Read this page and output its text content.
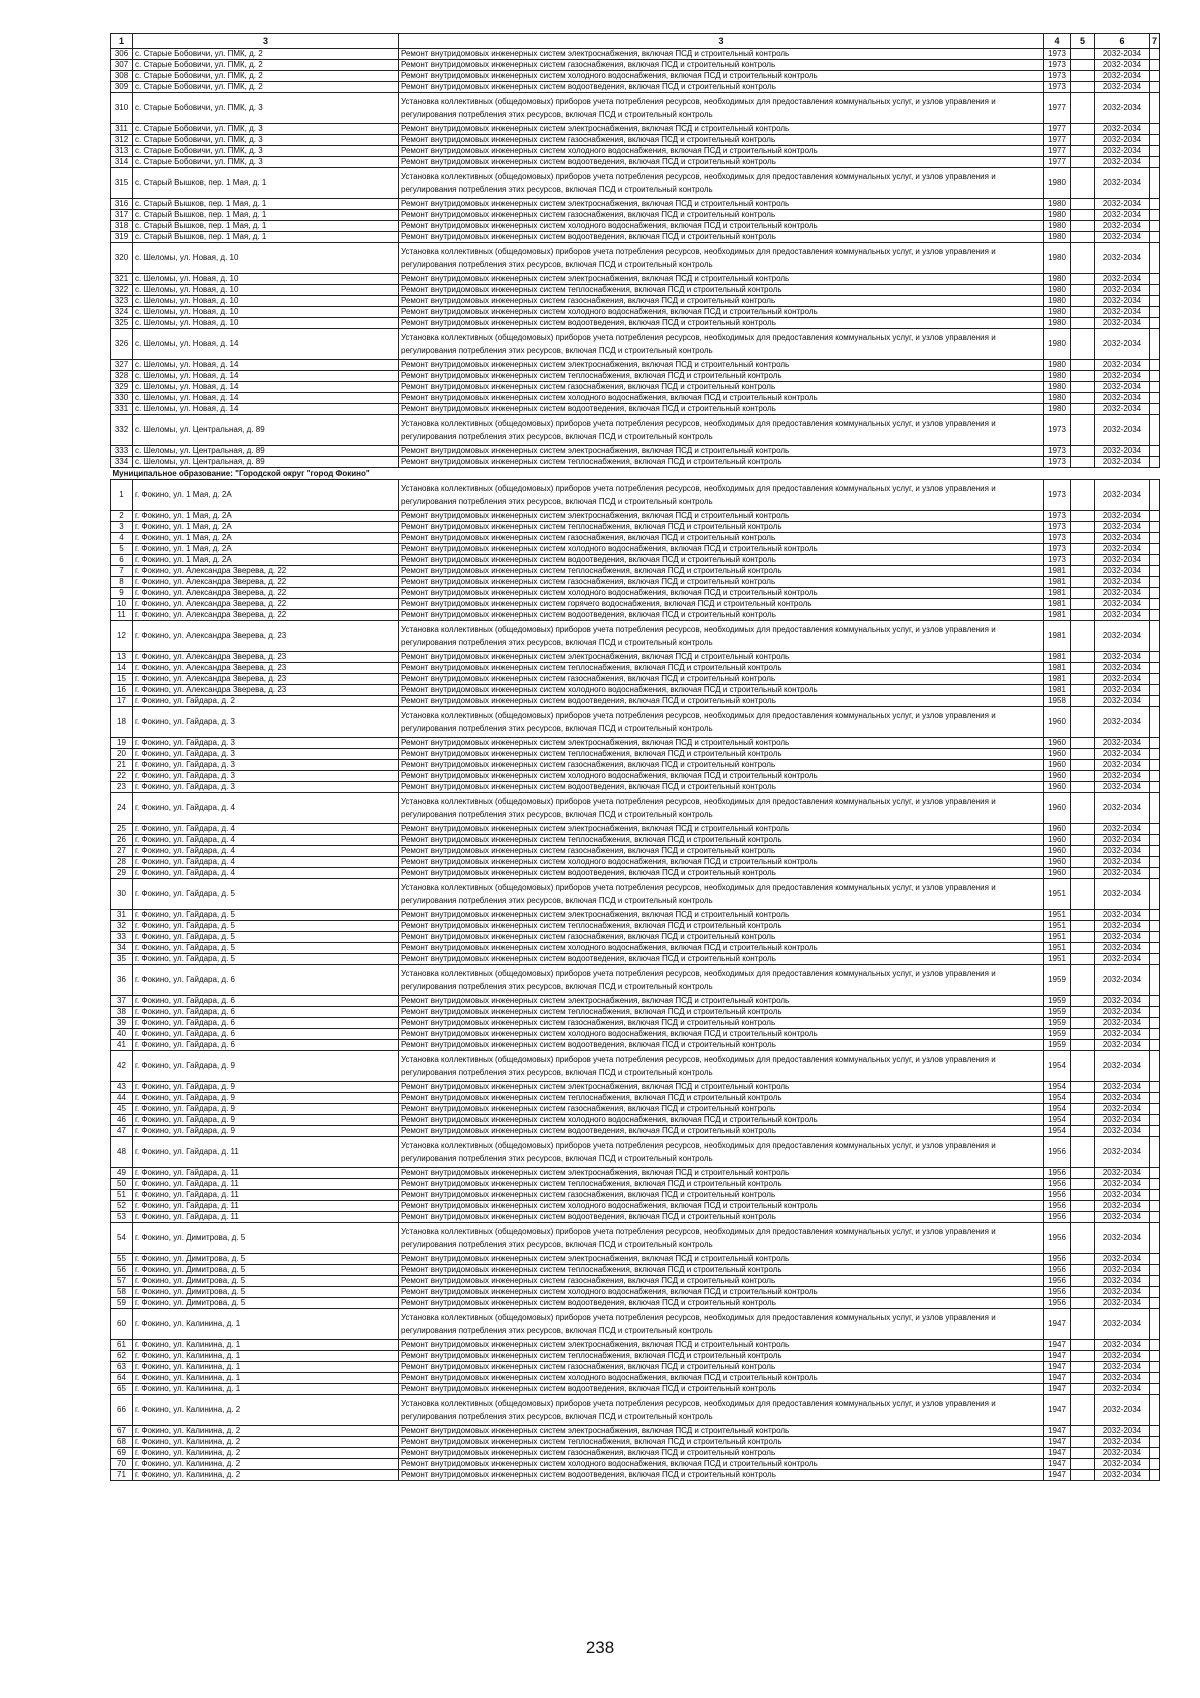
1	3	3	4	5	6	7
306	с. Старые Бобовичи, ул. ПМК, д. 2	Ремонт внутридомовых инженерных систем электроснабжения, включая ПСД и строительный контроль	1973		2032-2034	
307	с. Старые Бобовичи, ул. ПМК, д. 2	Ремонт внутридомовых инженерных систем газоснабжения, включая ПСД и строительный контроль	1973		2032-2034	
308	с. Старые Бобовичи, ул. ПМК, д. 2	Ремонт внутридомовых инженерных систем холодного водоснабжения, включая ПСД и строительный контроль	1973		2032-2034	
309	с. Старые Бобовичи, ул. ПМК, д. 2	Ремонт внутридомовых инженерных систем водоотведения, включая ПСД и строительный контроль	1973		2032-2034	
310	с. Старые Бобовичи, ул. ПМК, д. 3	Установка коллективных (общедомовых) приборов учета потребления ресурсов, необходимых для предоставления коммунальных услуг, и узлов управления и регулирования потребления этих ресурсов, включая ПСД и строительный контроль	1977		2032-2034	
311	с. Старые Бобовичи, ул. ПМК, д. 3	Ремонт внутридомовых инженерных систем электроснабжения, включая ПСД и строительный контроль	1977		2032-2034	
312	с. Старые Бобовичи, ул. ПМК, д. 3	Ремонт внутридомовых инженерных систем газоснабжения, включая ПСД и строительный контроль	1977		2032-2034	
313	с. Старые Бобовичи, ул. ПМК, д. 3	Ремонт внутридомовых инженерных систем холодного водоснабжения, включая ПСД и строительный контроль	1977		2032-2034	
314	с. Старые Бобовичи, ул. ПМК, д. 3	Ремонт внутридомовых инженерных систем водоотведения, включая ПСД и строительный контроль	1977		2032-2034	
315	с. Старый Вышков, пер. 1 Мая, д. 1	Установка коллективных (общедомовых) приборов учета потребления ресурсов, необходимых для предоставления коммунальных услуг, и узлов управления и регулирования потребления этих ресурсов, включая ПСД и строительный контроль	1980		2032-2034	
316	с. Старый Вышков, пер. 1 Мая, д. 1	Ремонт внутридомовых инженерных систем электроснабжения, включая ПСД и строительный контроль	1980		2032-2034	
317	с. Старый Вышков, пер. 1 Мая, д. 1	Ремонт внутридомовых инженерных систем газоснабжения, включая ПСД и строительный контроль	1980		2032-2034	
318	с. Старый Вышков, пер. 1 Мая, д. 1	Ремонт внутридомовых инженерных систем холодного водоснабжения, включая ПСД и строительный контроль	1980		2032-2034	
319	с. Старый Вышков, пер. 1 Мая, д. 1	Ремонт внутридомовых инженерных систем водоотведения, включая ПСД и строительный контроль	1980		2032-2034	
320	с. Шеломы, ул. Новая, д. 10	Установка коллективных (общедомовых) приборов учета потребления ресурсов, необходимых для предоставления коммунальных услуг, и узлов управления и регулирования потребления этих ресурсов, включая ПСД и строительный контроль	1980		2032-2034	
321	с. Шеломы, ул. Новая, д. 10	Ремонт внутридомовых инженерных систем электроснабжения, включая ПСД и строительный контроль	1980		2032-2034	
322	с. Шеломы, ул. Новая, д. 10	Ремонт внутридомовых инженерных систем теплоснабжения, включая ПСД и строительный контроль	1980		2032-2034	
323	с. Шеломы, ул. Новая, д. 10	Ремонт внутридомовых инженерных систем газоснабжения, включая ПСД и строительный контроль	1980		2032-2034	
324	с. Шеломы, ул. Новая, д. 10	Ремонт внутридомовых инженерных систем холодного водоснабжения, включая ПСД и строительный контроль	1980		2032-2034	
325	с. Шеломы, ул. Новая, д. 10	Ремонт внутридомовых инженерных систем водоотведения, включая ПСД и строительный контроль	1980		2032-2034	
326	с. Шеломы, ул. Новая, д. 14	Установка коллективных (общедомовых) приборов учета потребления ресурсов, необходимых для предоставления коммунальных услуг, и узлов управления и регулирования потребления этих ресурсов, включая ПСД и строительный контроль	1980		2032-2034	
327	с. Шеломы, ул. Новая, д. 14	Ремонт внутридомовых инженерных систем электроснабжения, включая ПСД и строительный контроль	1980		2032-2034	
328	с. Шеломы, ул. Новая, д. 14	Ремонт внутридомовых инженерных систем теплоснабжения, включая ПСД и строительный контроль	1980		2032-2034	
329	с. Шеломы, ул. Новая, д. 14	Ремонт внутридомовых инженерных систем газоснабжения, включая ПСД и строительный контроль	1980		2032-2034	
330	с. Шеломы, ул. Новая, д. 14	Ремонт внутридомовых инженерных систем холодного водоснабжения, включая ПСД и строительный контроль	1980		2032-2034	
331	с. Шеломы, ул. Новая, д. 14	Ремонт внутридомовых инженерных систем водоотведения, включая ПСД и строительный контроль	1980		2032-2034	
332	с. Шеломы, ул. Центральная, д. 89	Установка коллективных (общедомовых) приборов учета потребления ресурсов, необходимых для предоставления коммунальных услуг, и узлов управления и регулирования потребления этих ресурсов, включая ПСД и строительный контроль	1973		2032-2034	
333	с. Шеломы, ул. Центральная, д. 89	Ремонт внутридомовых инженерных систем электроснабжения, включая ПСД и строительный контроль	1973		2032-2034	
334	с. Шеломы, ул. Центральная, д. 89	Ремонт внутридомовых инженерных систем теплоснабжения, включая ПСД и строительный контроль	1973		2032-2034	
Муниципальное образование: "Городской округ "город Фокино"						
1	г. Фокино, ул. 1 Мая, д. 2А	Установка коллективных (общедомовых) приборов учета потребления ресурсов, необходимых для предоставления коммунальных услуг, и узлов управления и регулирования потребления этих ресурсов, включая ПСД и строительный контроль	1973		2032-2034	
2	г. Фокино, ул. 1 Мая, д. 2А	Ремонт внутридомовых инженерных систем электроснабжения, включая ПСД и строительный контроль	1973		2032-2034	
3	г. Фокино, ул. 1 Мая, д. 2А	Ремонт внутридомовых инженерных систем теплоснабжения, включая ПСД и строительный контроль	1973		2032-2034	
4	г. Фокино, ул. 1 Мая, д. 2А	Ремонт внутридомовых инженерных систем газоснабжения, включая ПСД и строительный контроль	1973		2032-2034	
5	г. Фокино, ул. 1 Мая, д. 2А	Ремонт внутридомовых инженерных систем холодного водоснабжения, включая ПСД и строительный контроль	1973		2032-2034	
6	г. Фокино, ул. 1 Мая, д. 2А	Ремонт внутридомовых инженерных систем водоотведения, включая ПСД и строительный контроль	1973		2032-2034	
7	г. Фокино, ул. Александра Зверева, д. 22	Ремонт внутридомовых инженерных систем теплоснабжения, включая ПСД и строительный контроль	1981		2032-2034	
8	г. Фокино, ул. Александра Зверева, д. 22	Ремонт внутридомовых инженерных систем газоснабжения, включая ПСД и строительный контроль	1981		2032-2034	
9	г. Фокино, ул. Александра Зверева, д. 22	Ремонт внутридомовых инженерных систем холодного водоснабжения, включая ПСД и строительный контроль	1981		2032-2034	
10	г. Фокино, ул. Александра Зверева, д. 22	Ремонт внутридомовых инженерных систем горячего водоснабжения, включая ПСД и строительный контроль	1981		2032-2034	
11	г. Фокино, ул. Александра Зверева, д. 22	Ремонт внутридомовых инженерных систем водоотведения, включая ПСД и строительный контроль	1981		2032-2034	
12	г. Фокино, ул. Александра Зверева, д. 23	Установка коллективных (общедомовых) приборов учета потребления ресурсов, необходимых для предоставления коммунальных услуг, и узлов управления и регулирования потребления этих ресурсов, включая ПСД и строительный контроль	1981		2032-2034	
13	г. Фокино, ул. Александра Зверева, д. 23	Ремонт внутридомовых инженерных систем электроснабжения, включая ПСД и строительный контроль	1981		2032-2034	
14	г. Фокино, ул. Александра Зверева, д. 23	Ремонт внутридомовых инженерных систем теплоснабжения, включая ПСД и строительный контроль	1981		2032-2034	
15	г. Фокино, ул. Александра Зверева, д. 23	Ремонт внутридомовых инженерных систем газоснабжения, включая ПСД и строительный контроль	1981		2032-2034	
16	г. Фокино, ул. Александра Зверева, д. 23	Ремонт внутридомовых инженерных систем холодного водоснабжения, включая ПСД и строительный контроль	1981		2032-2034	
17	г. Фокино, ул. Гайдара, д. 2	Ремонт внутридомовых инженерных систем водоотведения, включая ПСД и строительный контроль	1958		2032-2034	
18	г. Фокино, ул. Гайдара, д. 3	Установка коллективных (общедомовых) приборов учета потребления ресурсов, необходимых для предоставления коммунальных услуг, и узлов управления и регулирования потребления этих ресурсов, включая ПСД и строительный контроль	1960		2032-2034	
19	г. Фокино, ул. Гайдара, д. 3	Ремонт внутридомовых инженерных систем электроснабжения, включая ПСД и строительный контроль	1960		2032-2034	
20	г. Фокино, ул. Гайдара, д. 3	Ремонт внутридомовых инженерных систем теплоснабжения, включая ПСД и строительный контроль	1960		2032-2034	
21	г. Фокино, ул. Гайдара, д. 3	Ремонт внутридомовых инженерных систем газоснабжения, включая ПСД и строительный контроль	1960		2032-2034	
22	г. Фокино, ул. Гайдара, д. 3	Ремонт внутридомовых инженерных систем холодного водоснабжения, включая ПСД и строительный контроль	1960		2032-2034	
23	г. Фокино, ул. Гайдара, д. 3	Ремонт внутридомовых инженерных систем водоотведения, включая ПСД и строительный контроль	1960		2032-2034	
24	г. Фокино, ул. Гайдара, д. 4	Установка коллективных (общедомовых) приборов учета потребления ресурсов, необходимых для предоставления коммунальных услуг, и узлов управления и регулирования потребления этих ресурсов, включая ПСД и строительный контроль	1960		2032-2034	
25	г. Фокино, ул. Гайдара, д. 4	Ремонт внутридомовых инженерных систем электроснабжения, включая ПСД и строительный контроль	1960		2032-2034	
26	г. Фокино, ул. Гайдара, д. 4	Ремонт внутридомовых инженерных систем теплоснабжения, включая ПСД и строительный контроль	1960		2032-2034	
27	г. Фокино, ул. Гайдара, д. 4	Ремонт внутридомовых инженерных систем газоснабжения, включая ПСД и строительный контроль	1960		2032-2034	
28	г. Фокино, ул. Гайдара, д. 4	Ремонт внутридомовых инженерных систем холодного водоснабжения, включая ПСД и строительный контроль	1960		2032-2034	
29	г. Фокино, ул. Гайдара, д. 4	Ремонт внутридомовых инженерных систем водоотведения, включая ПСД и строительный контроль	1960		2032-2034	
30	г. Фокино, ул. Гайдара, д. 5	Установка коллективных (общедомовых) приборов учета потребления ресурсов, необходимых для предоставления коммунальных услуг, и узлов управления и регулирования потребления этих ресурсов, включая ПСД и строительный контроль	1951		2032-2034	
31	г. Фокино, ул. Гайдара, д. 5	Ремонт внутридомовых инженерных систем электроснабжения, включая ПСД и строительный контроль	1951		2032-2034	
32	г. Фокино, ул. Гайдара, д. 5	Ремонт внутридомовых инженерных систем теплоснабжения, включая ПСД и строительный контроль	1951		2032-2034	
33	г. Фокино, ул. Гайдара, д. 5	Ремонт внутридомовых инженерных систем газоснабжения, включая ПСД и строительный контроль	1951		2032-2034	
34	г. Фокино, ул. Гайдара, д. 5	Ремонт внутридомовых инженерных систем холодного водоснабжения, включая ПСД и строительный контроль	1951		2032-2034	
35	г. Фокино, ул. Гайдара, д. 5	Ремонт внутридомовых инженерных систем водоотведения, включая ПСД и строительный контроль	1951		2032-2034	
36	г. Фокино, ул. Гайдара, д. 6	Установка коллективных (общедомовых) приборов учета потребления ресурсов, необходимых для предоставления коммунальных услуг, и узлов управления и регулирования потребления этих ресурсов, включая ПСД и строительный контроль	1959		2032-2034	
37	г. Фокино, ул. Гайдара, д. 6	Ремонт внутридомовых инженерных систем электроснабжения, включая ПСД и строительный контроль	1959		2032-2034	
38	г. Фокино, ул. Гайдара, д. 6	Ремонт внутридомовых инженерных систем теплоснабжения, включая ПСД и строительный контроль	1959		2032-2034	
39	г. Фокино, ул. Гайдара, д. 6	Ремонт внутридомовых инженерных систем газоснабжения, включая ПСД и строительный контроль	1959		2032-2034	
40	г. Фокино, ул. Гайдара, д. 6	Ремонт внутридомовых инженерных систем холодного водоснабжения, включая ПСД и строительный контроль	1959		2032-2034	
41	г. Фокино, ул. Гайдара, д. 6	Ремонт внутридомовых инженерных систем водоотведения, включая ПСД и строительный контроль	1959		2032-2034	
42	г. Фокино, ул. Гайдара, д. 9	Установка коллективных (общедомовых) приборов учета потребления ресурсов, необходимых для предоставления коммунальных услуг, и узлов управления и регулирования потребления этих ресурсов, включая ПСД и строительный контроль	1954		2032-2034	
43	г. Фокино, ул. Гайдара, д. 9	Ремонт внутридомовых инженерных систем электроснабжения, включая ПСД и строительный контроль	1954		2032-2034	
44	г. Фокино, ул. Гайдара, д. 9	Ремонт внутридомовых инженерных систем теплоснабжения, включая ПСД и строительный контроль	1954		2032-2034	
45	г. Фокино, ул. Гайдара, д. 9	Ремонт внутридомовых инженерных систем газоснабжения, включая ПСД и строительный контроль	1954		2032-2034	
46	г. Фокино, ул. Гайдара, д. 9	Ремонт внутридомовых инженерных систем холодного водоснабжения, включая ПСД и строительный контроль	1954		2032-2034	
47	г. Фокино, ул. Гайдара, д. 9	Ремонт внутридомовых инженерных систем водоотведения, включая ПСД и строительный контроль	1954		2032-2034	
48	г. Фокино, ул. Гайдара, д. 11	Установка коллективных (общедомовых) приборов учета потребления ресурсов, необходимых для предоставления коммунальных услуг, и узлов управления и регулирования потребления этих ресурсов, включая ПСД и строительный контроль	1956		2032-2034	
49	г. Фокино, ул. Гайдара, д. 11	Ремонт внутридомовых инженерных систем электроснабжения, включая ПСД и строительный контроль	1956		2032-2034	
50	г. Фокино, ул. Гайдара, д. 11	Ремонт внутридомовых инженерных систем теплоснабжения, включая ПСД и строительный контроль	1956		2032-2034	
51	г. Фокино, ул. Гайдара, д. 11	Ремонт внутридомовых инженерных систем газоснабжения, включая ПСД и строительный контроль	1956		2032-2034	
52	г. Фокино, ул. Гайдара, д. 11	Ремонт внутридомовых инженерных систем холодного водоснабжения, включая ПСД и строительный контроль	1956		2032-2034	
53	г. Фокино, ул. Гайдара, д. 11	Ремонт внутридомовых инженерных систем водоотведения, включая ПСД и строительный контроль	1956		2032-2034	
54	г. Фокино, ул. Димитрова, д. 5	Установка коллективных (общедомовых) приборов учета потребления ресурсов, необходимых для предоставления коммунальных услуг, и узлов управления и регулирования потребления этих ресурсов, включая ПСД и строительный контроль	1956		2032-2034	
55	г. Фокино, ул. Димитрова, д. 5	Ремонт внутридомовых инженерных систем электроснабжения, включая ПСД и строительный контроль	1956		2032-2034	
56	г. Фокино, ул. Димитрова, д. 5	Ремонт внутридомовых инженерных систем теплоснабжения, включая ПСД и строительный контроль	1956		2032-2034	
57	г. Фокино, ул. Димитрова, д. 5	Ремонт внутридомовых инженерных систем газоснабжения, включая ПСД и строительный контроль	1956		2032-2034	
58	г. Фокино, ул. Димитрова, д. 5	Ремонт внутридомовых инженерных систем холодного водоснабжения, включая ПСД и строительный контроль	1956		2032-2034	
59	г. Фокино, ул. Димитрова, д. 5	Ремонт внутридомовых инженерных систем водоотведения, включая ПСД и строительный контроль	1956		2032-2034	
60	г. Фокино, ул. Калинина, д. 1	Установка коллективных (общедомовых) приборов учета потребления ресурсов, необходимых для предоставления коммунальных услуг, и узлов управления и регулирования потребления этих ресурсов, включая ПСД и строительный контроль	1947		2032-2034	
61	г. Фокино, ул. Калинина, д. 1	Ремонт внутридомовых инженерных систем электроснабжения, включая ПСД и строительный контроль	1947		2032-2034	
62	г. Фокино, ул. Калинина, д. 1	Ремонт внутридомовых инженерных систем теплоснабжения, включая ПСД и строительный контроль	1947		2032-2034	
63	г. Фокино, ул. Калинина, д. 1	Ремонт внутридомовых инженерных систем газоснабжения, включая ПСД и строительный контроль	1947		2032-2034	
64	г. Фокино, ул. Калинина, д. 1	Ремонт внутридомовых инженерных систем холодного водоснабжения, включая ПСД и строительный контроль	1947		2032-2034	
65	г. Фокино, ул. Калинина, д. 1	Ремонт внутридомовых инженерных систем водоотведения, включая ПСД и строительный контроль	1947		2032-2034	
66	г. Фокино, ул. Калинина, д. 2	Установка коллективных (общедомовых) приборов учета потребления ресурсов, необходимых для предоставления коммунальных услуг, и узлов управления и регулирования потребления этих ресурсов, включая ПСД и строительный контроль	1947		2032-2034	
67	г. Фокино, ул. Калинина, д. 2	Ремонт внутридомовых инженерных систем электроснабжения, включая ПСД и строительный контроль	1947		2032-2034	
68	г. Фокино, ул. Калинина, д. 2	Ремонт внутридомовых инженерных систем теплоснабжения, включая ПСД и строительный контроль	1947		2032-2034	
69	г. Фокино, ул. Калинина, д. 2	Ремонт внутридомовых инженерных систем газоснабжения, включая ПСД и строительный контроль	1947		2032-2034	
70	г. Фокино, ул. Калинина, д. 2	Ремонт внутридомовых инженерных систем холодного водоснабжения, включая ПСД и строительный контроль	1947		2032-2034	
71	г. Фокино, ул. Калинина, д. 2	Ремонт внутридомовых инженерных систем водоотведения, включая ПСД и строительный контроль	1947		2032-2034	
238
